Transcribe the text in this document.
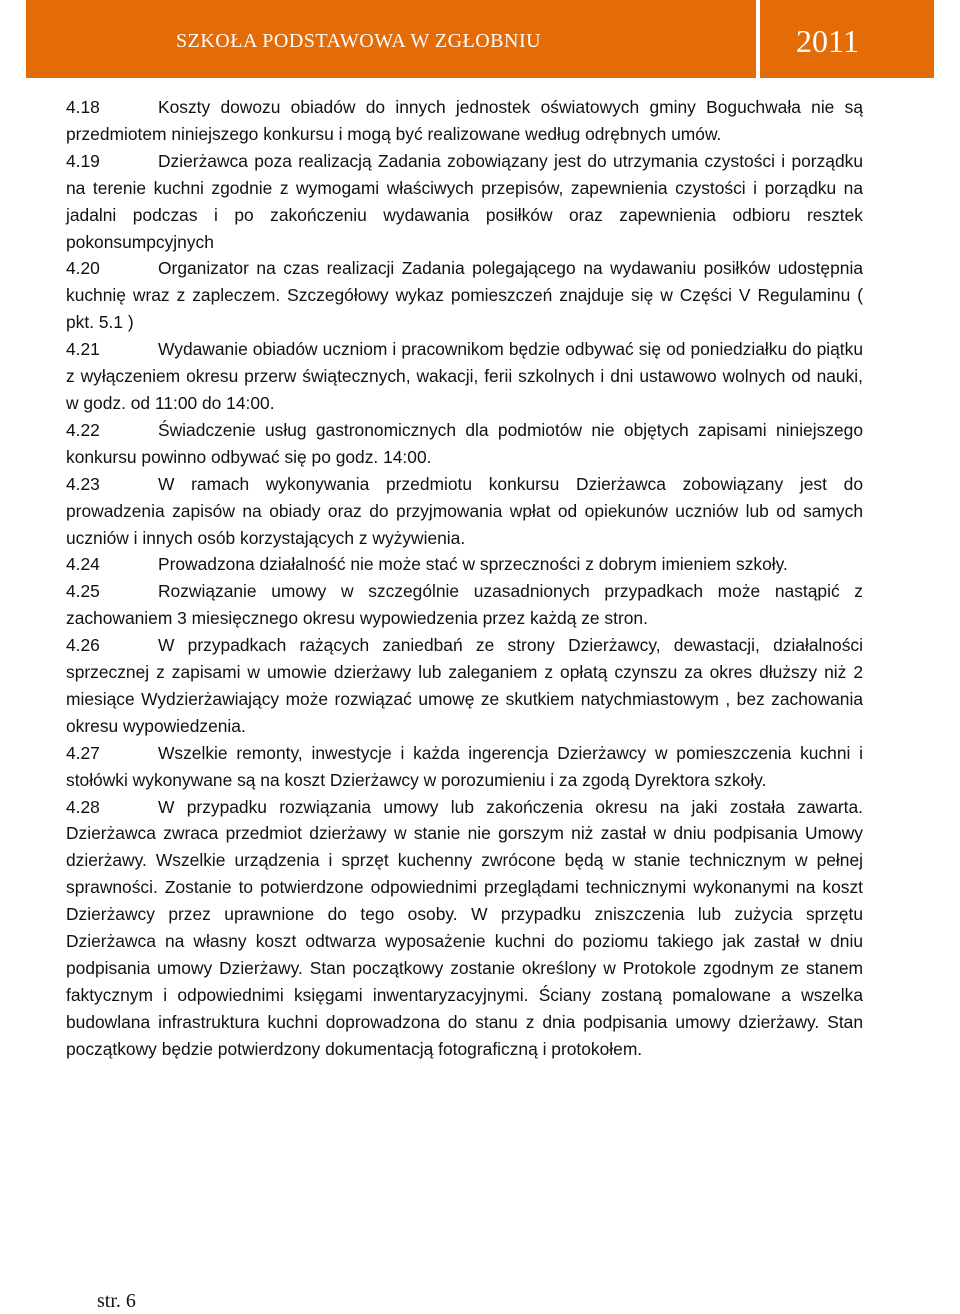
SZKOŁA PODSTAWOWA W ZGŁOBNIU	2011

4.18	Koszty dowozu obiadów do innych jednostek oświatowych gminy Boguchwała nie są przedmiotem niniejszego konkursu i mogą być realizowane według odrębnych umów.

4.19	Dzierżawca poza realizacją Zadania zobowiązany jest do utrzymania czystości i porządku na terenie kuchni zgodnie z wymogami właściwych przepisów, zapewnienia czystości i porządku na jadalni podczas i po zakończeniu wydawania posiłków oraz zapewnienia odbioru resztek pokonsumpcyjnych

4.20	Organizator na czas realizacji Zadania polegającego na wydawaniu posiłków udostępnia kuchnię wraz z zapleczem. Szczegółowy wykaz pomieszczeń znajduje się w Części V Regulaminu ( pkt. 5.1 )

4.21	Wydawanie obiadów uczniom i pracownikom będzie odbywać się od poniedziałku do piątku z wyłączeniem okresu przerw świątecznych, wakacji, ferii szkolnych i dni ustawowo wolnych od nauki, w godz. od 11:00 do 14:00.

4.22	Świadczenie usług gastronomicznych dla podmiotów nie objętych zapisami niniejszego konkursu powinno odbywać się po godz. 14:00.

4.23	W ramach wykonywania przedmiotu konkursu Dzierżawca zobowiązany jest do prowadzenia zapisów na obiady oraz do przyjmowania wpłat od opiekunów uczniów lub od samych uczniów i innych osób korzystających z wyżywienia.

4.24	Prowadzona działalność nie może stać w sprzeczności z dobrym imieniem szkoły.

4.25	Rozwiązanie umowy w szczególnie uzasadnionych przypadkach może nastąpić z zachowaniem 3 miesięcznego okresu wypowiedzenia przez każdą ze stron.

4.26	W przypadkach rażących zaniedbań ze strony Dzierżawcy, dewastacji, działalności sprzecznej z zapisami w umowie dzierżawy lub zaleganiem z opłatą czynszu za okres dłuższy niż 2 miesiące Wydzierżawiający może rozwiązać umowę ze skutkiem natychmiastowym , bez zachowania okresu wypowiedzenia.

4.27	Wszelkie remonty, inwestycje i każda ingerencja Dzierżawcy w pomieszczenia kuchni i stołówki wykonywane są na koszt Dzierżawcy w porozumieniu i za zgodą Dyrektora szkoły.

4.28	W przypadku rozwiązania umowy lub zakończenia okresu na jaki została zawarta. Dzierżawca zwraca przedmiot dzierżawy w stanie nie gorszym niż zastał w dniu podpisania Umowy dzierżawy. Wszelkie urządzenia i sprzęt kuchenny zwrócone będą w stanie technicznym w pełnej sprawności. Zostanie to potwierdzone odpowiednimi przeglądami technicznymi wykonanymi na koszt Dzierżawcy przez uprawnione do tego osoby. W przypadku zniszczenia lub zużycia sprzętu Dzierżawca na własny koszt odtwarza wyposażenie kuchni do poziomu takiego jak zastał w dniu podpisania umowy Dzierżawy. Stan początkowy zostanie określony w Protokole zgodnym ze stanem faktycznym i odpowiednimi księgami inwentaryzacyjnymi. Ściany zostaną pomalowane a wszelka budowlana infrastruktura kuchni doprowadzona do stanu z dnia podpisania umowy dzierżawy. Stan początkowy będzie potwierdzony dokumentacją fotograficzną i protokołem.

str. 6
